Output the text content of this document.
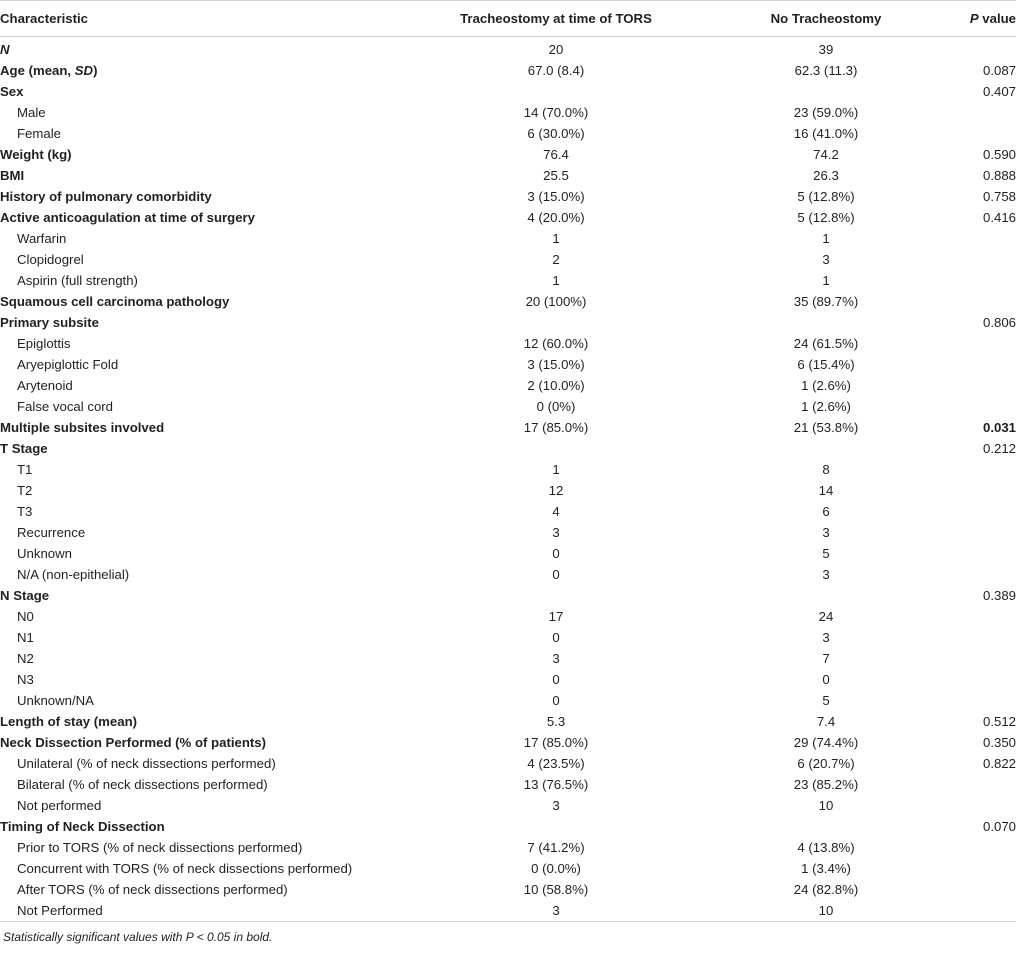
Characteristic	Tracheostomy at time of TORS	No Tracheostomy	P value
N	20	39	
Age (mean, SD)	67.0 (8.4)	62.3 (11.3)	0.087
Sex			0.407
Male	14 (70.0%)	23 (59.0%)	
Female	6 (30.0%)	16 (41.0%)	
Weight (kg)	76.4	74.2	0.590
BMI	25.5	26.3	0.888
History of pulmonary comorbidity	3 (15.0%)	5 (12.8%)	0.758
Active anticoagulation at time of surgery	4 (20.0%)	5 (12.8%)	0.416
Warfarin	1	1	
Clopidogrel	2	3	
Aspirin (full strength)	1	1	
Squamous cell carcinoma pathology	20 (100%)	35 (89.7%)	
Primary subsite			0.806
Epiglottis	12 (60.0%)	24 (61.5%)	
Aryepiglottic Fold	3 (15.0%)	6 (15.4%)	
Arytenoid	2 (10.0%)	1 (2.6%)	
False vocal cord	0 (0%)	1 (2.6%)	
Multiple subsites involved	17 (85.0%)	21 (53.8%)	0.031
T Stage			0.212
T1	1	8	
T2	12	14	
T3	4	6	
Recurrence	3	3	
Unknown	0	5	
N/A (non-epithelial)	0	3	
N Stage			0.389
N0	17	24	
N1	0	3	
N2	3	7	
N3	0	0	
Unknown/NA	0	5	
Length of stay (mean)	5.3	7.4	0.512
Neck Dissection Performed (% of patients)	17 (85.0%)	29 (74.4%)	0.350
Unilateral (% of neck dissections performed)	4 (23.5%)	6 (20.7%)	0.822
Bilateral (% of neck dissections performed)	13 (76.5%)	23 (85.2%)	
Not performed	3	10	
Timing of Neck Dissection			0.070
Prior to TORS (% of neck dissections performed)	7 (41.2%)	4 (13.8%)	
Concurrent with TORS (% of neck dissections performed)	0 (0.0%)	1 (3.4%)	
After TORS (% of neck dissections performed)	10 (58.8%)	24 (82.8%)	
Not Performed	3	10	
Statistically significant values with P < 0.05 in bold.
